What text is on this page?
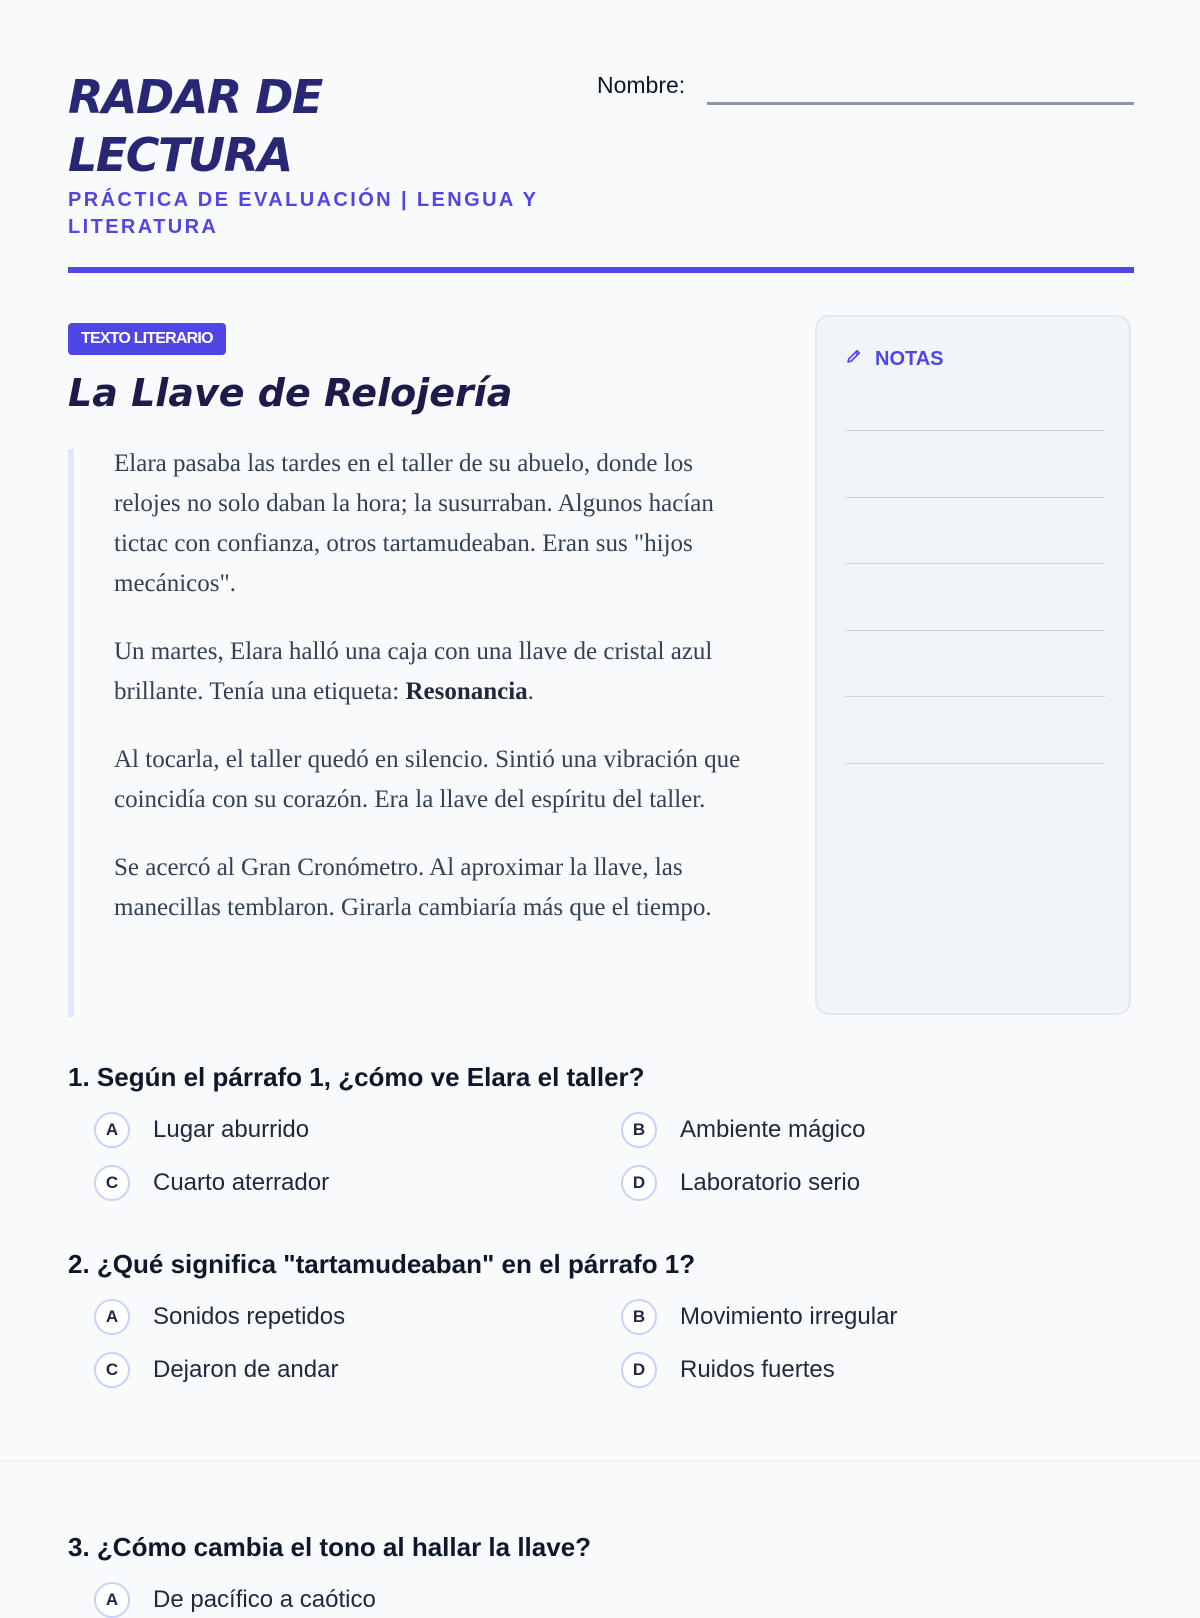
RADAR DE LECTURA

PRÁCTICA DE EVALUACIÓN | LENGUA Y LITERATURA

Nombre:
TEXTO LITERARIO
La Llave de Relojería

Elara pasaba las tardes en el taller de su abuelo, donde los relojes no solo daban la hora; la susurraban. Algunos hacían tictac con confianza, otros tartamudeaban. Eran sus "hijos mecánicos".

Un martes, Elara halló una caja con una llave de cristal azul brillante. Tenía una etiqueta: Resonancia.

Al tocarla, el taller quedó en silencio. Sintió una vibración que coincidía con su corazón. Era la llave del espíritu del taller.

Se acercó al Gran Cronómetro. Al aproximar la llave, las manecillas temblaron. Girarla cambiaría más que el tiempo.

NOTAS

1. Según el párrafo 1, ¿cómo ve Elara el taller?

A	Lugar aburrido	B	Ambiente mágico
C	Cuarto aterrador	D	Laboratorio serio

2. ¿Qué significa "tartamudeaban" en el párrafo 1?

A	Sonidos repetidos	B	Movimiento irregular
C	Dejaron de andar	D	Ruidos fuertes

3. ¿Cómo cambia el tono al hallar la llave?

A	De pacífico a caótico
